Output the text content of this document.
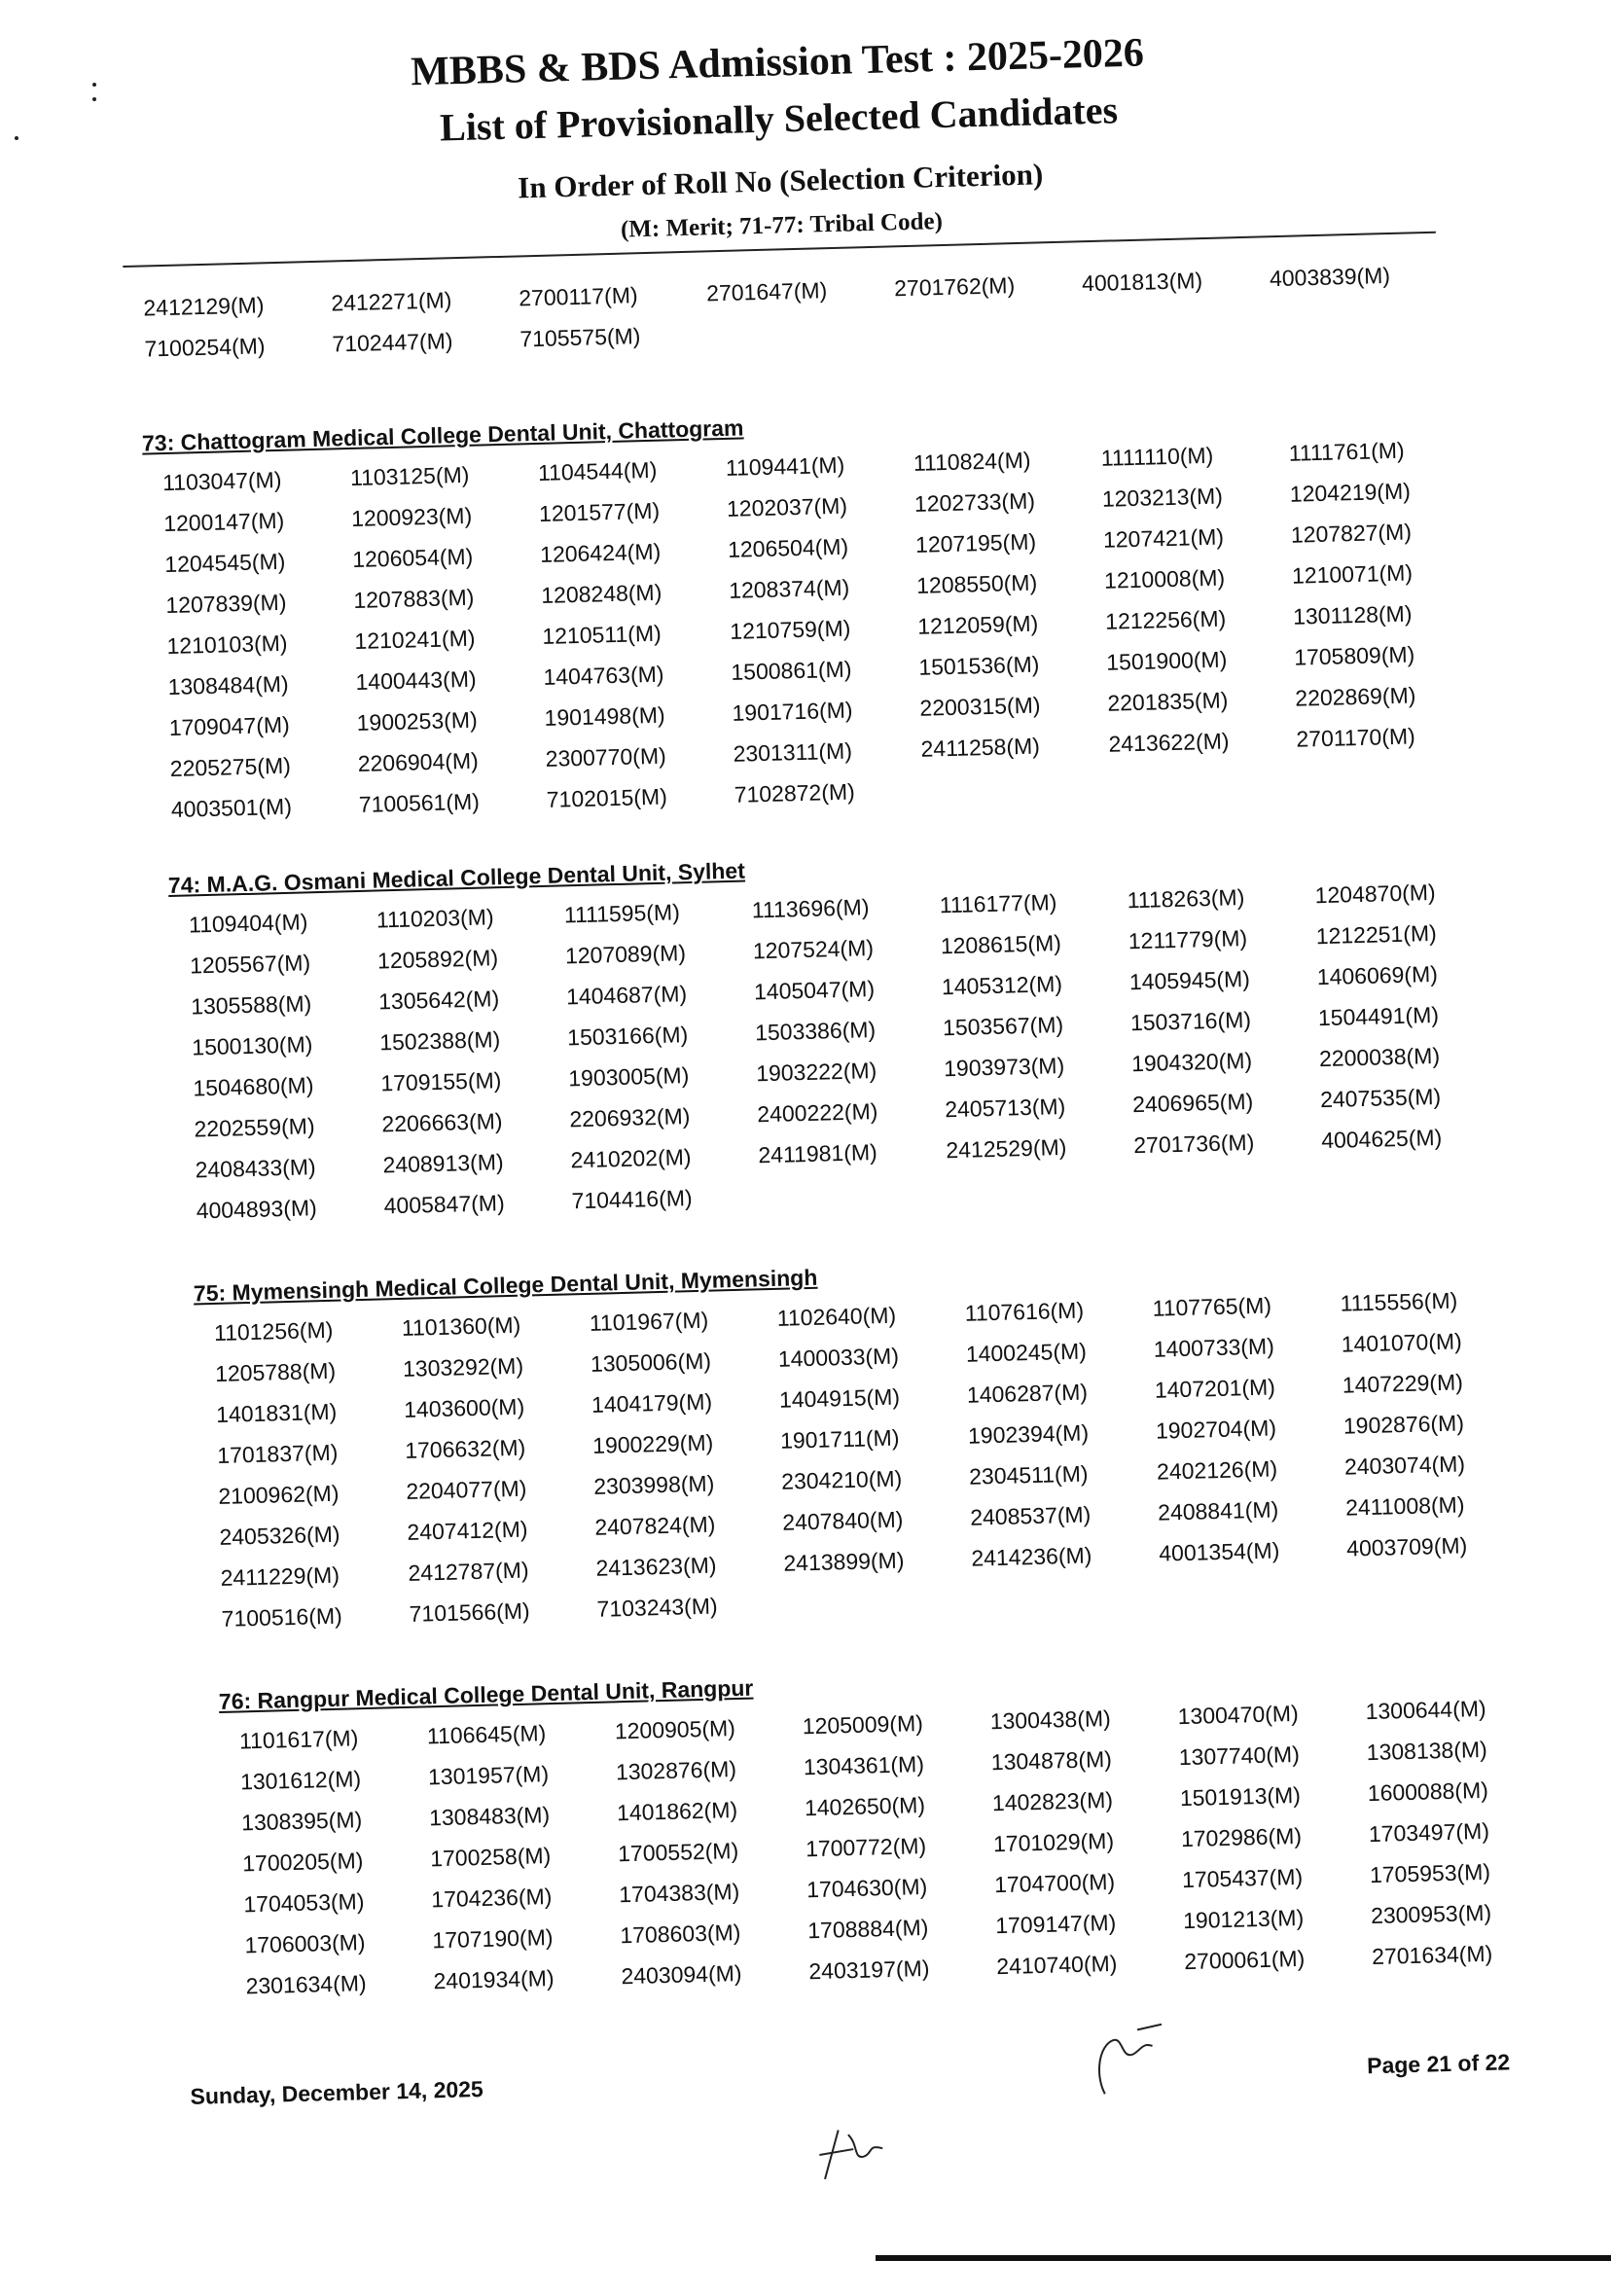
MBBS & BDS Admission Test : 2025-2026
List of Provisionally Selected Candidates
In Order of Roll No (Selection Criterion)
(M: Merit; 71-77: Tribal Code)
2412129(M)	2412271(M)	2700117(M)	2701647(M)	2701762(M)	4001813(M)	4003839(M)
7100254(M)	7102447(M)	7105575(M)
73: Chattogram Medical College Dental Unit, Chattogram
1103047(M)	1103125(M)	1104544(M)	1109441(M)	1110824(M)	1111110(M)	1111761(M)
1200147(M)	1200923(M)	1201577(M)	1202037(M)	1202733(M)	1203213(M)	1204219(M)
1204545(M)	1206054(M)	1206424(M)	1206504(M)	1207195(M)	1207421(M)	1207827(M)
1207839(M)	1207883(M)	1208248(M)	1208374(M)	1208550(M)	1210008(M)	1210071(M)
1210103(M)	1210241(M)	1210511(M)	1210759(M)	1212059(M)	1212256(M)	1301128(M)
1308484(M)	1400443(M)	1404763(M)	1500861(M)	1501536(M)	1501900(M)	1705809(M)
1709047(M)	1900253(M)	1901498(M)	1901716(M)	2200315(M)	2201835(M)	2202869(M)
2205275(M)	2206904(M)	2300770(M)	2301311(M)	2411258(M)	2413622(M)	2701170(M)
4003501(M)	7100561(M)	7102015(M)	7102872(M)
74: M.A.G. Osmani Medical College Dental Unit, Sylhet
1109404(M)	1110203(M)	1111595(M)	1113696(M)	1116177(M)	1118263(M)	1204870(M)
1205567(M)	1205892(M)	1207089(M)	1207524(M)	1208615(M)	1211779(M)	1212251(M)
1305588(M)	1305642(M)	1404687(M)	1405047(M)	1405312(M)	1405945(M)	1406069(M)
1500130(M)	1502388(M)	1503166(M)	1503386(M)	1503567(M)	1503716(M)	1504491(M)
1504680(M)	1709155(M)	1903005(M)	1903222(M)	1903973(M)	1904320(M)	2200038(M)
2202559(M)	2206663(M)	2206932(M)	2400222(M)	2405713(M)	2406965(M)	2407535(M)
2408433(M)	2408913(M)	2410202(M)	2411981(M)	2412529(M)	2701736(M)	4004625(M)
4004893(M)	4005847(M)	7104416(M)
75: Mymensingh Medical College Dental Unit, Mymensingh
1101256(M)	1101360(M)	1101967(M)	1102640(M)	1107616(M)	1107765(M)	1115556(M)
1205788(M)	1303292(M)	1305006(M)	1400033(M)	1400245(M)	1400733(M)	1401070(M)
1401831(M)	1403600(M)	1404179(M)	1404915(M)	1406287(M)	1407201(M)	1407229(M)
1701837(M)	1706632(M)	1900229(M)	1901711(M)	1902394(M)	1902704(M)	1902876(M)
2100962(M)	2204077(M)	2303998(M)	2304210(M)	2304511(M)	2402126(M)	2403074(M)
2405326(M)	2407412(M)	2407824(M)	2407840(M)	2408537(M)	2408841(M)	2411008(M)
2411229(M)	2412787(M)	2413623(M)	2413899(M)	2414236(M)	4001354(M)	4003709(M)
7100516(M)	7101566(M)	7103243(M)
76: Rangpur Medical College Dental Unit, Rangpur
1101617(M)	1106645(M)	1200905(M)	1205009(M)	1300438(M)	1300470(M)	1300644(M)
1301612(M)	1301957(M)	1302876(M)	1304361(M)	1304878(M)	1307740(M)	1308138(M)
1308395(M)	1308483(M)	1401862(M)	1402650(M)	1402823(M)	1501913(M)	1600088(M)
1700205(M)	1700258(M)	1700552(M)	1700772(M)	1701029(M)	1702986(M)	1703497(M)
1704053(M)	1704236(M)	1704383(M)	1704630(M)	1704700(M)	1705437(M)	1705953(M)
1706003(M)	1707190(M)	1708603(M)	1708884(M)	1709147(M)	1901213(M)	2300953(M)
2301634(M)	2401934(M)	2403094(M)	2403197(M)	2410740(M)	2700061(M)	2701634(M)
Sunday, December 14, 2025
Page 21 of 22
